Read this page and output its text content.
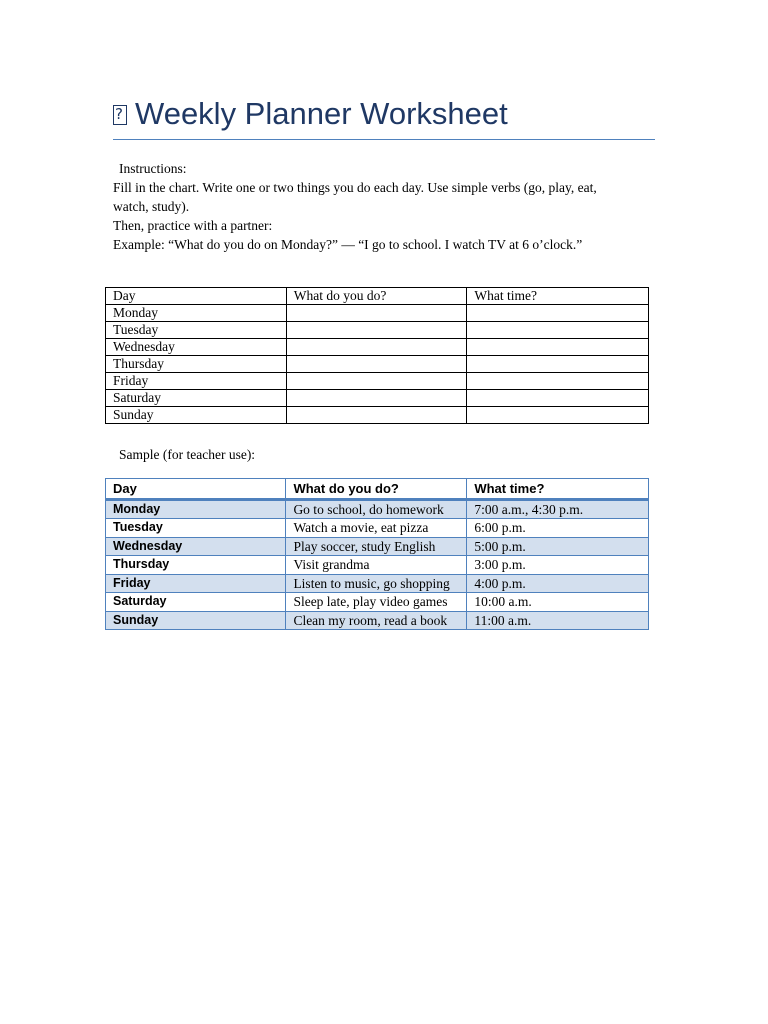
?Weekly Planner Worksheet
Instructions:
Fill in the chart. Write one or two things you do each day. Use simple verbs (go, play, eat,
watch, study).
Then, practice with a partner:
Example: “What do you do on Monday?” — “I go to school. I watch TV at 6 o’clock.”
Day	What do you do?	What time?
Monday		
Tuesday		
Wednesday		
Thursday		
Friday		
Saturday		
Sunday		
Sample (for teacher use):
Day	What do you do?	What time?
Monday	Go to school, do homework	7:00 a.m., 4:30 p.m.
Tuesday	Watch a movie, eat pizza	6:00 p.m.
Wednesday	Play soccer, study English	5:00 p.m.
Thursday	Visit grandma	3:00 p.m.
Friday	Listen to music, go shopping	4:00 p.m.
Saturday	Sleep late, play video games	10:00 a.m.
Sunday	Clean my room, read a book	11:00 a.m.
